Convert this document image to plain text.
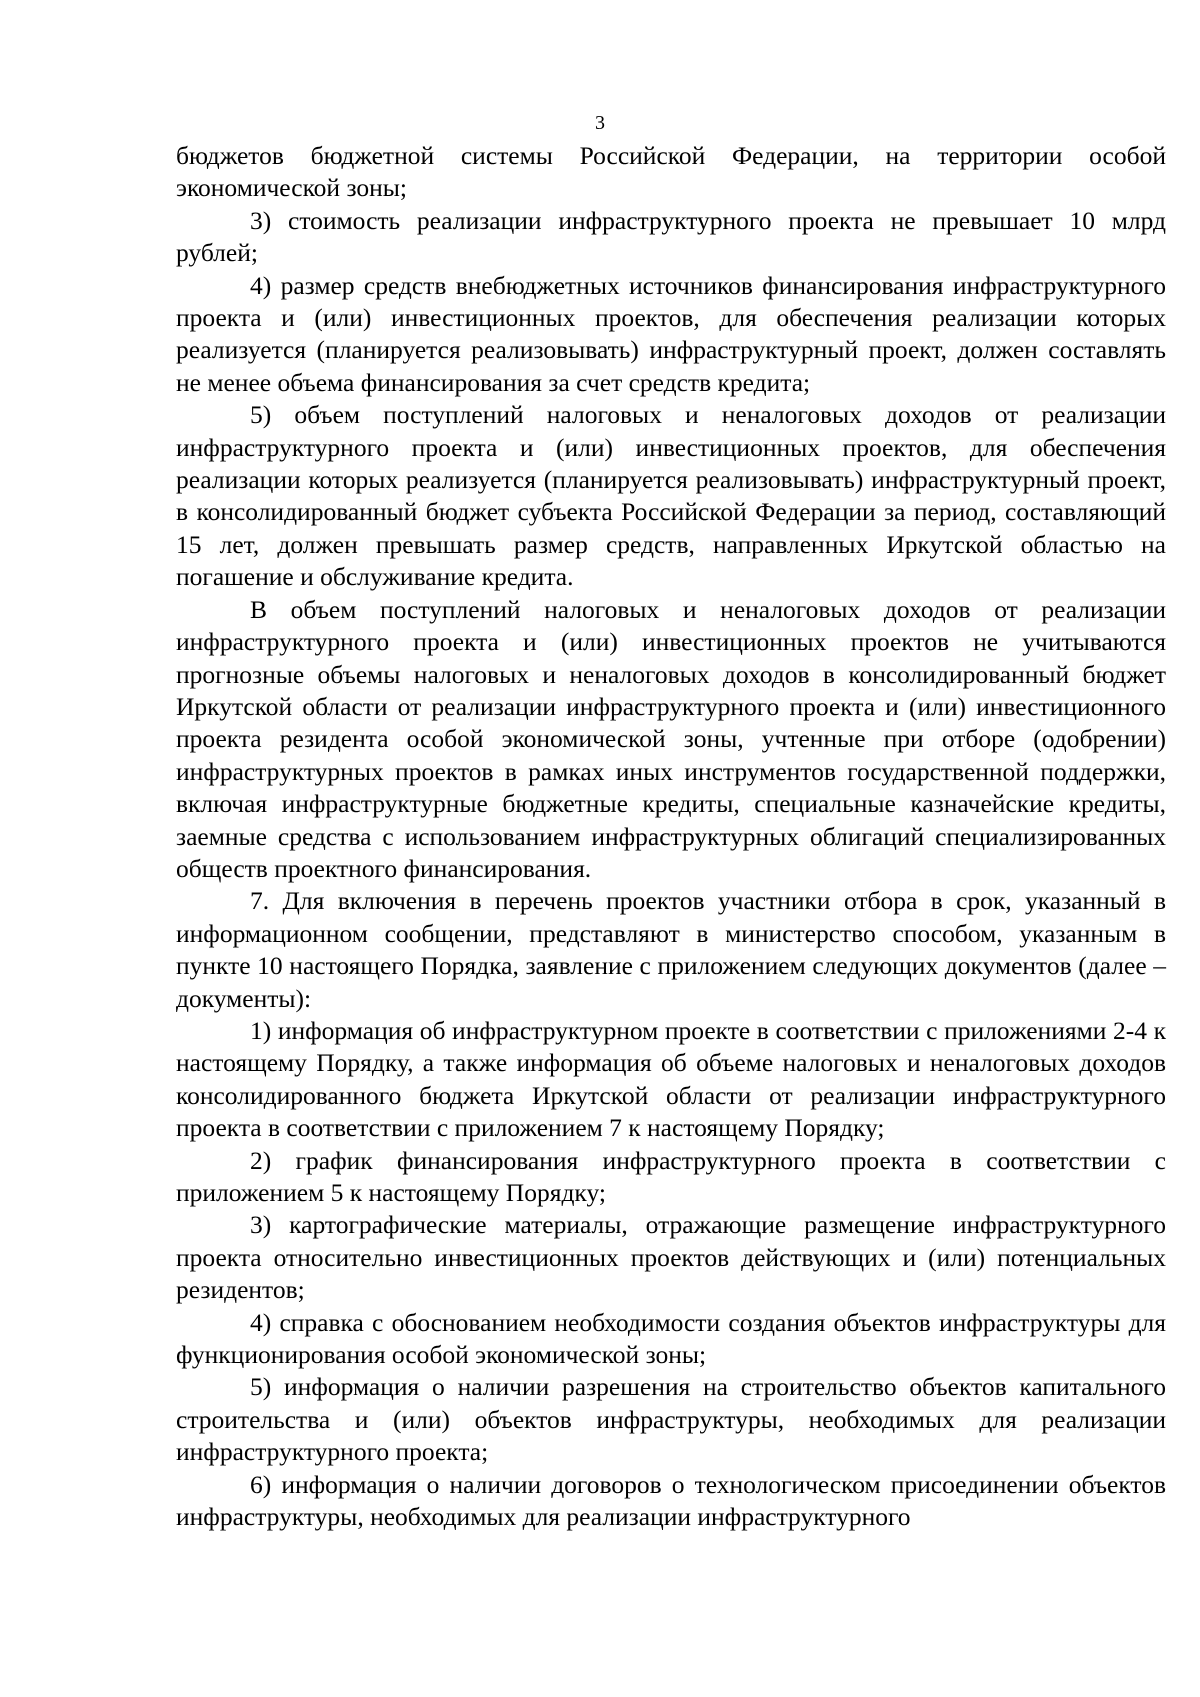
3

бюджетов бюджетной системы Российской Федерации, на территории особой экономической зоны;

3) стоимость реализации инфраструктурного проекта не превышает 10 млрд рублей;

4) размер средств внебюджетных источников финансирования инфраструктурного проекта и (или) инвестиционных проектов, для обеспечения реализации которых реализуется (планируется реализовывать) инфраструктурный проект, должен составлять не менее объема финансирования за счет средств кредита;

5) объем поступлений налоговых и неналоговых доходов от реализации инфраструктурного проекта и (или) инвестиционных проектов, для обеспечения реализации которых реализуется (планируется реализовывать) инфраструктурный проект, в консолидированный бюджет субъекта Российской Федерации за период, составляющий 15 лет, должен превышать размер средств, направленных Иркутской областью на погашение и обслуживание кредита.

В объем поступлений налоговых и неналоговых доходов от реализации инфраструктурного проекта и (или) инвестиционных проектов не учитываются прогнозные объемы налоговых и неналоговых доходов в консолидированный бюджет Иркутской области от реализации инфраструктурного проекта и (или) инвестиционного проекта резидента особой экономической зоны, учтенные при отборе (одобрении) инфраструктурных проектов в рамках иных инструментов государственной поддержки, включая инфраструктурные бюджетные кредиты, специальные казначейские кредиты, заемные средства с использованием инфраструктурных облигаций специализированных обществ проектного финансирования.

7. Для включения в перечень проектов участники отбора в срок, указанный в информационном сообщении, представляют в министерство способом, указанным в пункте 10 настоящего Порядка, заявление с приложением следующих документов (далее – документы):

1) информация об инфраструктурном проекте в соответствии с приложениями 2-4 к настоящему Порядку, а также информация об объеме налоговых и неналоговых доходов консолидированного бюджета Иркутской области от реализации инфраструктурного проекта в соответствии с приложением 7 к настоящему Порядку;

2) график финансирования инфраструктурного проекта в соответствии с приложением 5 к настоящему Порядку;

3) картографические материалы, отражающие размещение инфраструктурного проекта относительно инвестиционных проектов действующих и (или) потенциальных резидентов;

4) справка с обоснованием необходимости создания объектов инфраструктуры для функционирования особой экономической зоны;

5) информация о наличии разрешения на строительство объектов капитального строительства и (или) объектов инфраструктуры, необходимых для реализации инфраструктурного проекта;

6) информация о наличии договоров о технологическом присоединении объектов инфраструктуры, необходимых для реализации инфраструктурного
